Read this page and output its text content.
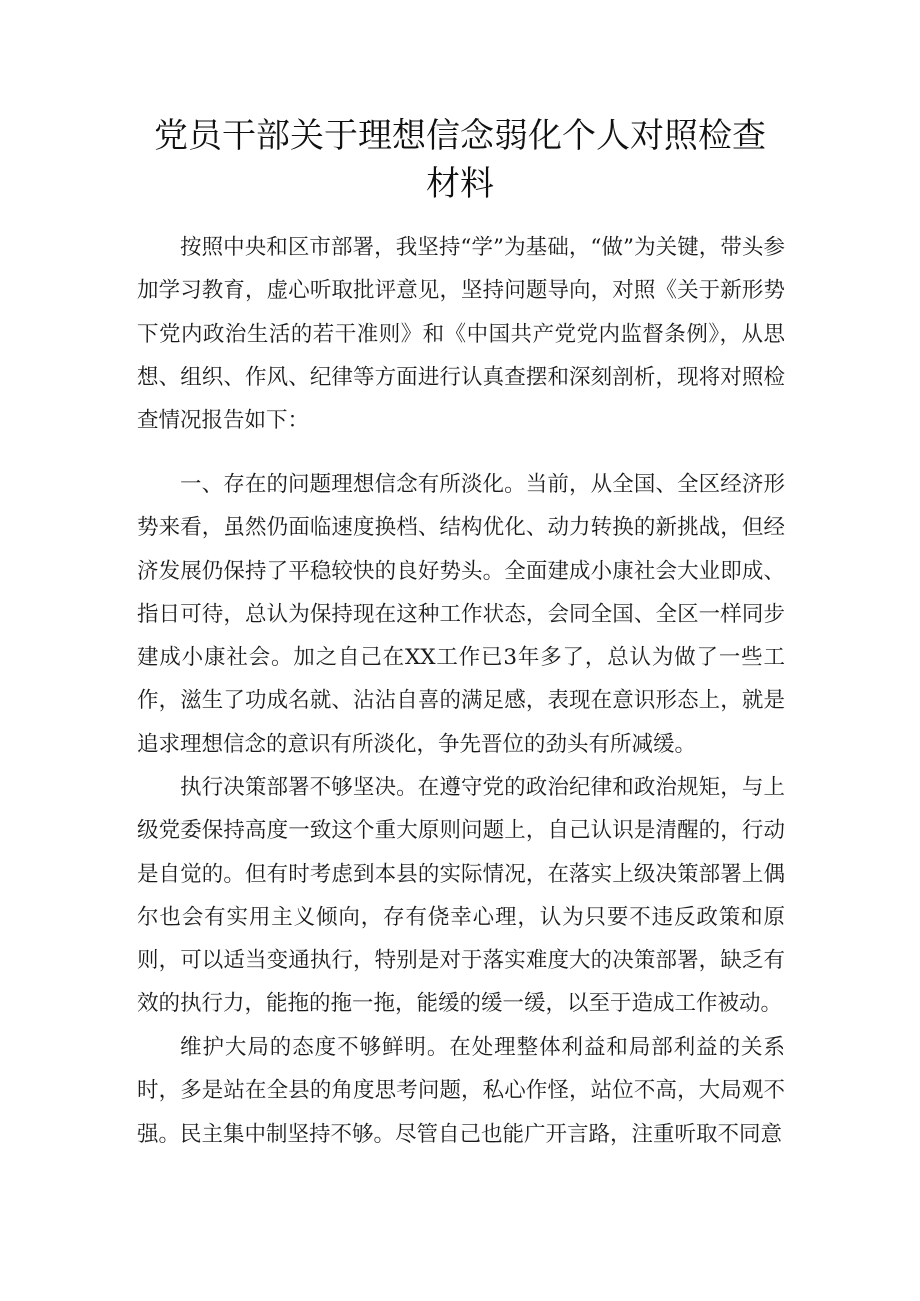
党员干部关于理想信念弱化个人对照检查
材料
按照中央和区市部署，我坚持“学”为基础，“做”为关键，带头参加学习教育，虚心听取批评意见，坚持问题导向，对照《关于新形势下党内政治生活的若干准则》和《中国共产党党内监督条例》，从思想、组织、作风、纪律等方面进行认真查摆和深刻剖析，现将对照检查情况报告如下：
一、存在的问题理想信念有所淡化。当前，从全国、全区经济形势来看，虽然仍面临速度换档、结构优化、动力转换的新挑战，但经济发展仍保持了平稳较快的良好势头。全面建成小康社会大业即成、指日可待，总认为保持现在这种工作状态，会同全国、全区一样同步建成小康社会。加之自己在XX工作已3年多了，总认为做了一些工作，滋生了功成名就、沾沾自喜的满足感，表现在意识形态上，就是追求理想信念的意识有所淡化，争先晋位的劲头有所减缓。
执行决策部署不够坚决。在遵守党的政治纪律和政治规矩，与上级党委保持高度一致这个重大原则问题上，自己认识是清醒的，行动是自觉的。但有时考虑到本县的实际情况，在落实上级决策部署上偶尔也会有实用主义倾向，存有侥幸心理，认为只要不违反政策和原则，可以适当变通执行，特别是对于落实难度大的决策部署，缺乏有效的执行力，能拖的拖一拖，能缓的缓一缓，以至于造成工作被动。
维护大局的态度不够鲜明。在处理整体利益和局部利益的关系时，多是站在全县的角度思考问题，私心作怪，站位不高，大局观不强。 民主集中制坚持不够。尽管自己也能广开言路，注重听取不同意
